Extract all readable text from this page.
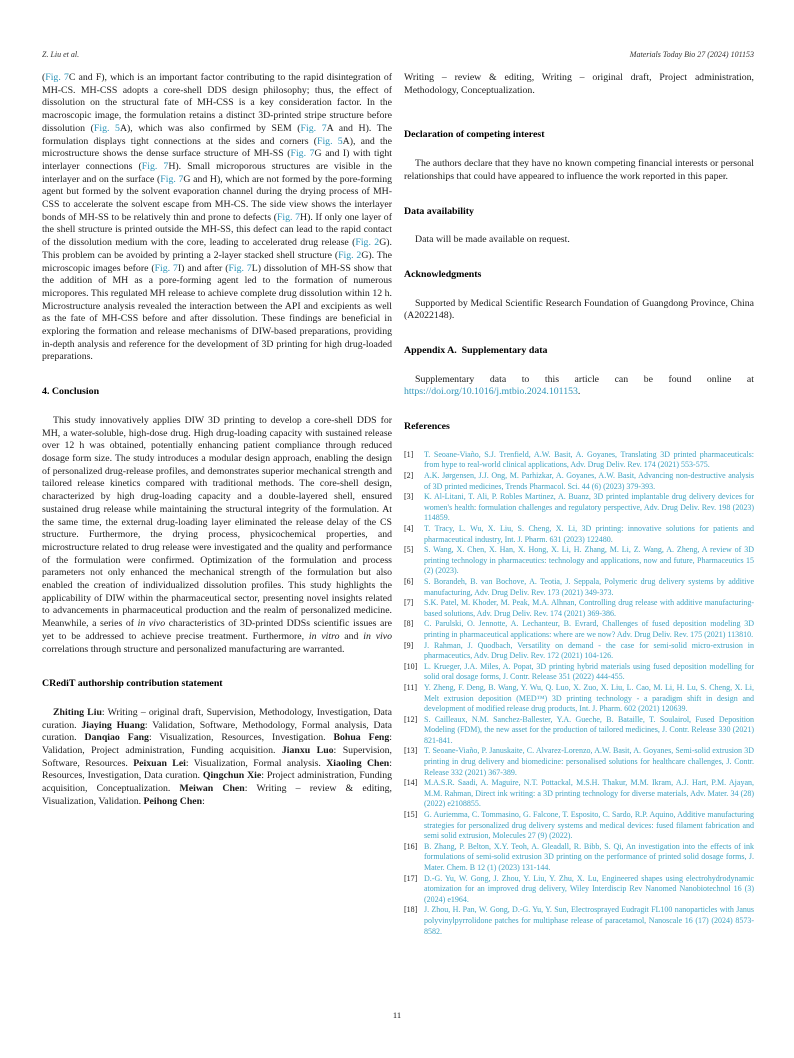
Z. Liu et al.	Materials Today Bio 27 (2024) 101153

(Fig. 7C and F), which is an important factor contributing to the rapid disintegration of MH-CS. MH-CSS adopts a core-shell DDS design philosophy; thus, the effect of dissolution on the structural fate of MH-CSS is a key consideration factor. In the macroscopic image, the formulation retains a distinct 3D-printed stripe structure before dissolution (Fig. 5A), which was also confirmed by SEM (Fig. 7A and H). The formulation displays tight connections at the sides and corners (Fig. 5A), and the microstructure shows the dense surface structure of MH-SS (Fig. 7G and I) with tight interlayer connections (Fig. 7H). Small microporous structures are visible in the interlayer and on the surface (Fig. 7G and H), which are not formed by the pore-forming agent but formed by the solvent evaporation channel during the drying process of MH-CSS to accelerate the solvent escape from MH-CS. The side view shows the interlayer bonds of MH-SS to be relatively thin and prone to defects (Fig. 7H). If only one layer of the shell structure is printed outside the MH-SS, this defect can lead to the rapid contact of the dissolution medium with the core, leading to accelerated drug release (Fig. 2G). This problem can be avoided by printing a 2-layer stacked shell structure (Fig. 2G). The microscopic images before (Fig. 7I) and after (Fig. 7L) dissolution of MH-SS show that the addition of MH as a pore-forming agent led to the formation of numerous micropores. This regulated MH release to achieve complete drug dissolution within 12 h. Microstructure analysis revealed the interaction between the API and excipients as well as the fate of MH-CSS before and after dissolution. These findings are beneficial in exploring the formation and release mechanisms of DIW-based preparations, providing in-depth analysis and reference for the development of 3D printing for high drug-loaded preparations.

4. Conclusion

This study innovatively applies DIW 3D printing to develop a core-shell DDS for MH, a water-soluble, high-dose drug. High drug-loading capacity with sustained release over 12 h was obtained, potentially enhancing patient compliance through reduced dosage form size. The study introduces a modular design approach, enabling the design of personalized drug-release profiles, and demonstrates superior mechanical strength and tailored release kinetics compared with traditional methods. The core-shell design, characterized by high drug-loading capacity and a double-layered shell, ensured sustained drug release while maintaining the structural integrity of the formulation. At the same time, the external drug-loading layer eliminated the release delay of the CS structure. Furthermore, the drying process, physicochemical properties, and microstructure related to drug release were investigated and the quality and performance of the formulation were confirmed. Optimization of the formulation and process parameters not only enhanced the mechanical strength of the formulation but also enabled the creation of individualized dissolution profiles. This study highlights the applicability of DIW within the pharmaceutical sector, presenting novel insights related to advancements in pharmaceutical production and the realm of personalized medicine. Meanwhile, a series of in vivo characteristics of 3D-printed DDSs scientific issues are yet to be addressed to achieve precise treatment. Furthermore, in vitro and in vivo correlations through structure and personalized manufacturing are warranted.

CRediT authorship contribution statement

Zhiting Liu: Writing – original draft, Supervision, Methodology, Investigation, Data curation. Jiaying Huang: Validation, Software, Methodology, Formal analysis, Data curation. Danqiao Fang: Visualization, Resources, Investigation. Bohua Feng: Validation, Project administration, Funding acquisition. Jianxu Luo: Supervision, Software, Resources. Peixuan Lei: Visualization, Formal analysis. Xiaoling Chen: Resources, Investigation, Data curation. Qingchun Xie: Project administration, Funding acquisition, Conceptualization. Meiwan Chen: Writing – review & editing, Visualization, Validation. Peihong Chen:

Writing – review & editing, Writing – original draft, Project administration, Methodology, Conceptualization.

Declaration of competing interest

The authors declare that they have no known competing financial interests or personal relationships that could have appeared to influence the work reported in this paper.

Data availability

Data will be made available on request.

Acknowledgments

Supported by Medical Scientific Research Foundation of Guangdong Province, China (A2022148).

Appendix A.  Supplementary data

Supplementary data to this article can be found online at https://doi.org/10.1016/j.mtbio.2024.101153.

References
[1]	T. Seoane-Viaño, S.J. Trenfield, A.W. Basit, A. Goyanes, Translating 3D printed pharmaceuticals: from hype to real-world clinical applications, Adv. Drug Deliv. Rev. 174 (2021) 553-575.
[2]	A.K. Jørgensen, J.J. Ong, M. Parhizkar, A. Goyanes, A.W. Basit, Advancing non-destructive analysis of 3D printed medicines, Trends Pharmacol. Sci. 44 (6) (2023) 379-393.
[3]	K. Al-Litani, T. Ali, P. Robles Martinez, A. Buanz, 3D printed implantable drug delivery devices for women's health: formulation challenges and regulatory perspective, Adv. Drug Deliv. Rev. 198 (2023) 114859.
[4]	T. Tracy, L. Wu, X. Liu, S. Cheng, X. Li, 3D printing: innovative solutions for patients and pharmaceutical industry, Int. J. Pharm. 631 (2023) 122480.
[5]	S. Wang, X. Chen, X. Han, X. Hong, X. Li, H. Zhang, M. Li, Z. Wang, A. Zheng, A review of 3D printing technology in pharmaceutics: technology and applications, now and future, Pharmaceutics 15 (2) (2023).
[6]	S. Borandeh, B. van Bochove, A. Teotia, J. Seppala, Polymeric drug delivery systems by additive manufacturing, Adv. Drug Deliv. Rev. 173 (2021) 349-373.
[7]	S.K. Patel, M. Khoder, M. Peak, M.A. Alhnan, Controlling drug release with additive manufacturing-based solutions, Adv. Drug Deliv. Rev. 174 (2021) 369-386.
[8]	C. Parulski, O. Jennotte, A. Lechanteur, B. Evrard, Challenges of fused deposition modeling 3D printing in pharmaceutical applications: where are we now? Adv. Drug Deliv. Rev. 175 (2021) 113810.
[9]	J. Rahman, J. Quodbach, Versatility on demand - the case for semi-solid micro-extrusion in pharmaceutics, Adv. Drug Deliv. Rev. 172 (2021) 104-126.
[10] L. Krueger, J.A. Miles, A. Popat, 3D printing hybrid materials using fused deposition modelling for solid oral dosage forms, J. Contr. Release 351 (2022) 444-455.
[11] Y. Zheng, F. Deng, B. Wang, Y. Wu, Q. Luo, X. Zuo, X. Liu, L. Cao, M. Li, H. Lu, S. Cheng, X. Li, Melt extrusion deposition (MED™) 3D printing technology - a paradigm shift in design and development of modified release drug products, Int. J. Pharm. 602 (2021) 120639.
[12] S. Cailleaux, N.M. Sanchez-Ballester, Y.A. Gueche, B. Bataille, T. Soulairol, Fused Deposition Modeling (FDM), the new asset for the production of tailored medicines, J. Contr. Release 330 (2021) 821-841.
[13] T. Seoane-Viaño, P. Januskaite, C. Alvarez-Lorenzo, A.W. Basit, A. Goyanes, Semi-solid extrusion 3D printing in drug delivery and biomedicine: personalised solutions for healthcare challenges, J. Contr. Release 332 (2021) 367-389.
[14] M.A.S.R. Saadi, A. Maguire, N.T. Pottackal, M.S.H. Thakur, M.M. Ikram, A.J. Hart, P.M. Ajayan, M.M. Rahman, Direct ink writing: a 3D printing technology for diverse materials, Adv. Mater. 34 (28) (2022) e2108855.
[15] G. Auriemma, C. Tommasino, G. Falcone, T. Esposito, C. Sardo, R.P. Aquino, Additive manufacturing strategies for personalized drug delivery systems and medical devices: fused filament fabrication and semi solid extrusion, Molecules 27 (9) (2022).
[16] B. Zhang, P. Belton, X.Y. Teoh, A. Gleadall, R. Bibb, S. Qi, An investigation into the effects of ink formulations of semi-solid extrusion 3D printing on the performance of printed solid dosage forms, J. Mater. Chem. B 12 (1) (2023) 131-144.
[17] D.-G. Yu, W. Gong, J. Zhou, Y. Liu, Y. Zhu, X. Lu, Engineered shapes using electrohydrodynamic atomization for an improved drug delivery, Wiley Interdiscip Rev Nanomed Nanobiotechnol 16 (3) (2024) e1964.
[18] J. Zhou, H. Pan, W. Gong, D.-G. Yu, Y. Sun, Electrosprayed Eudragit FL100 nanoparticles with Janus polyvinylpyrrolidone patches for multiphase release of paracetamol, Nanoscale 16 (17) (2024) 8573-8582.
11
